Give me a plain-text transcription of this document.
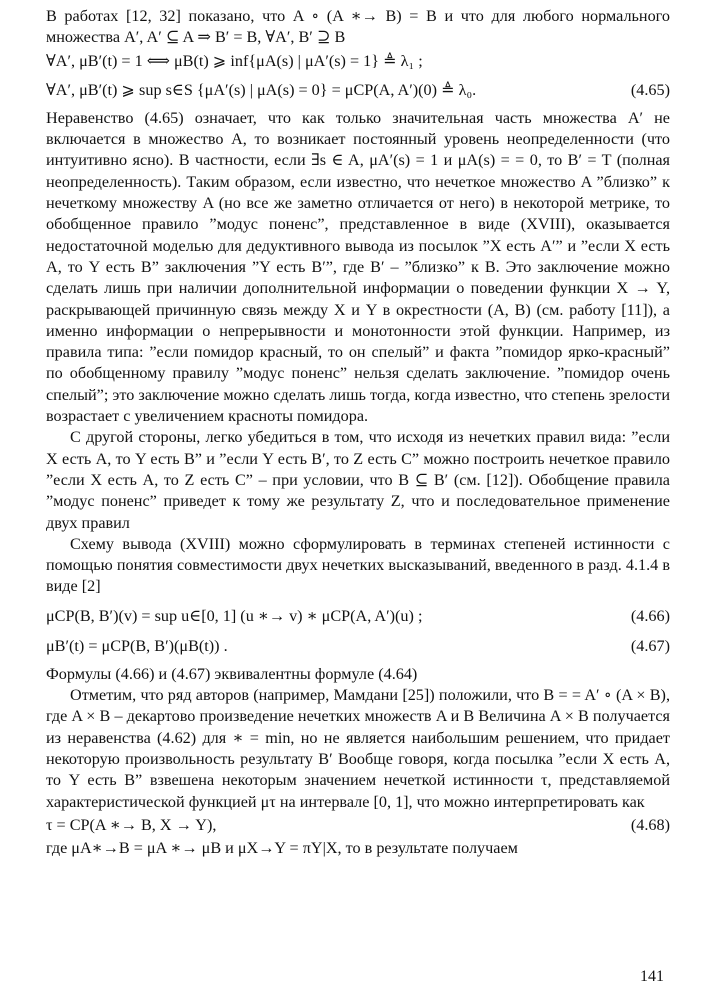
В работах [12, 32] показано, что A ∘ (A ∗→ B) = B и что для любого нормального множества A′, A′ ⊆ A ⇒ B′ = B, ∀A′, B′ ⊇ B

∀A′, μB′(t) = 1 ⟺ μB(t) ⩾ inf{μA(s) | μA′(s) = 1} ≜ λ₁ ;
∀A′, μB′(t) ⩾ sup s∈S {μA′(s) | μA(s) = 0} = μCP(A, A′)(0) ≜ λ₀.	(4.65)

Неравенство (4.65) означает, что как только значительная часть множества A′ не включается в множество A, то возникает постоянный уровень неопределенности (что интуитивно ясно). В частности, если ∃s ∈ A, μA′(s) = 1 и μA(s) = = 0, то B′ = T (полная неопределенность). Таким образом, если известно, что нечеткое множество A ”близко” к нечеткому множеству A (но все же заметно отличается от него) в некоторой метрике, то обобщенное правило ”модус поненс”, представленное в виде (XVIII), оказывается недостаточной моделью для дедуктивного вывода из посылок ”X есть A′” и ”если X есть A, то Y есть B” заключения ”Y есть B′”, где B′ – ”близко” к B. Это заключение можно сделать лишь при наличии дополнительной информации о поведении функции X → Y, раскрывающей причинную связь между X и Y в окрестности (A, B) (см. работу [11]), а именно информации о непрерывности и монотонности этой функции. Например, из правила типа: ”если помидор красный, то он спелый” и факта ”помидор ярко-красный” по обобщенному правилу ”модус поненс” нельзя сделать заключение. ”помидор очень спелый”; это заключение можно сделать лишь тогда, когда известно, что степень зрелости возрастает с увеличением красноты помидора.

С другой стороны, легко убедиться в том, что исходя из нечетких правил вида: ”если X есть A, то Y есть B” и ”если Y есть B′, то Z есть C” можно построить нечеткое правило ”если X есть A, то Z есть C” – при условии, что B ⊆ B′ (см. [12]). Обобщение правила ”модус поненс” приведет к тому же результату Z, что и последовательное применение двух правил

Схему вывода (XVIII) можно сформулировать в терминах степеней истинности с помощью понятия совместимости двух нечетких высказываний, введенного в разд. 4.1.4 в виде [2]

μCP(B, B′)(v) = sup u∈[0, 1] (u ∗→ v) ∗ μCP(A, A′)(u) ;	(4.66)
μB′(t) = μCP(B, B′)(μB(t)) .	(4.67)

Формулы (4.66) и (4.67) эквивалентны формуле (4.64)

Отметим, что ряд авторов (например, Мамдани [25]) положили, что B = = A′ ∘ (A × B), где A × B – декартово произведение нечетких множеств A и B Величина A × B получается из неравенства (4.62) для ∗ = min, но не является наибольшим решением, что придает некоторую произвольность результату B′ Вообще говоря, когда посылка ”если X есть A, то Y есть B” взвешена некоторым значением нечеткой истинности τ, представляемой характеристической функцией μτ на интервале [0, 1], что можно интерпретировать как

τ = CP(A ∗→ B, X → Y),	(4.68)

где μA∗→B = μA ∗→ μB и μX→Y = πY|X, то в результате получаем

141
